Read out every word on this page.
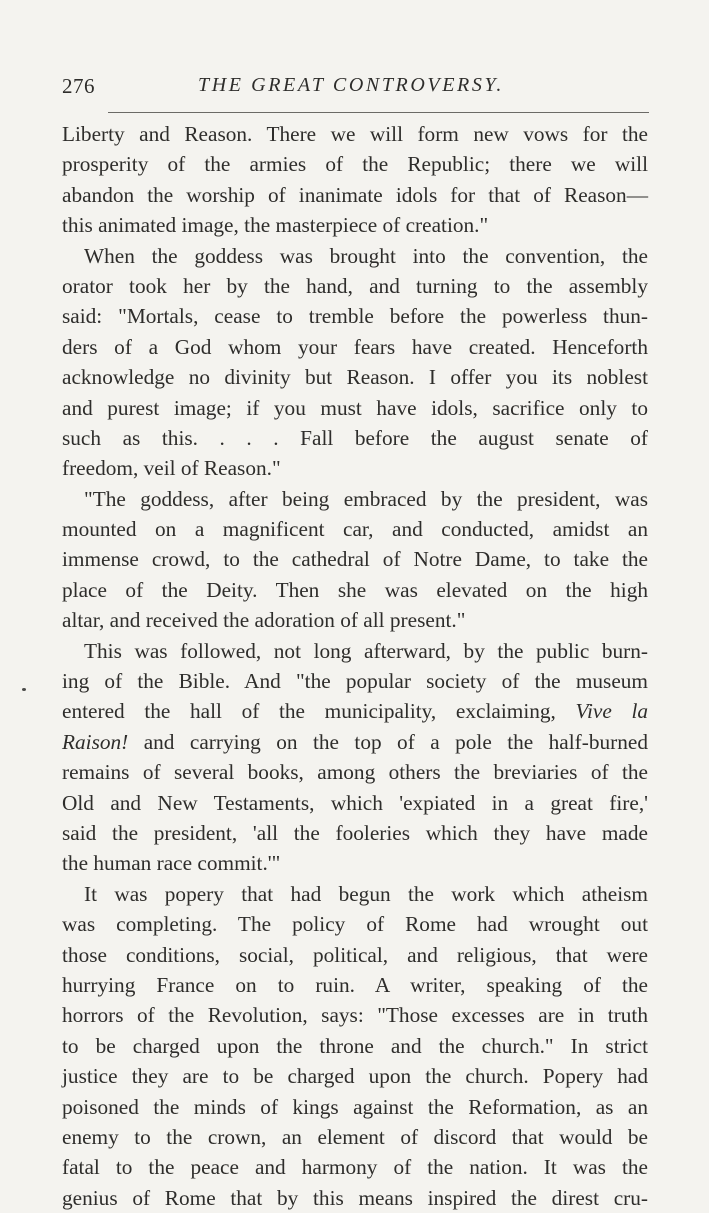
276	THE GREAT CONTROVERSY.
Liberty and Reason. There we will form new vows for the
prosperity of the armies of the Republic; there we will
abandon the worship of inanimate idols for that of Reason—
this animated image, the masterpiece of creation."
When the goddess was brought into the convention, the
orator took her by the hand, and turning to the assembly
said: "Mortals, cease to tremble before the powerless thun-
ders of a God whom your fears have created. Henceforth
acknowledge no divinity but Reason. I offer you its noblest
and purest image; if you must have idols, sacrifice only to
such as this. . . . Fall before the august senate of
freedom, veil of Reason."
"The goddess, after being embraced by the president, was
mounted on a magnificent car, and conducted, amidst an
immense crowd, to the cathedral of Notre Dame, to take the
place of the Deity. Then she was elevated on the high
altar, and received the adoration of all present."
This was followed, not long afterward, by the public burn-
ing of the Bible. And "the popular society of the museum
entered the hall of the municipality, exclaiming, Vive la
Raison! and carrying on the top of a pole the half-burned
remains of several books, among others the breviaries of the
Old and New Testaments, which 'expiated in a great fire,'
said the president, 'all the fooleries which they have made
the human race commit.'"
It was popery that had begun the work which atheism
was completing. The policy of Rome had wrought out
those conditions, social, political, and religious, that were
hurrying France on to ruin. A writer, speaking of the
horrors of the Revolution, says: "Those excesses are in truth
to be charged upon the throne and the church." In strict
justice they are to be charged upon the church. Popery had
poisoned the minds of kings against the Reformation, as an
enemy to the crown, an element of discord that would be
fatal to the peace and harmony of the nation. It was the
genius of Rome that by this means inspired the direst cru-
